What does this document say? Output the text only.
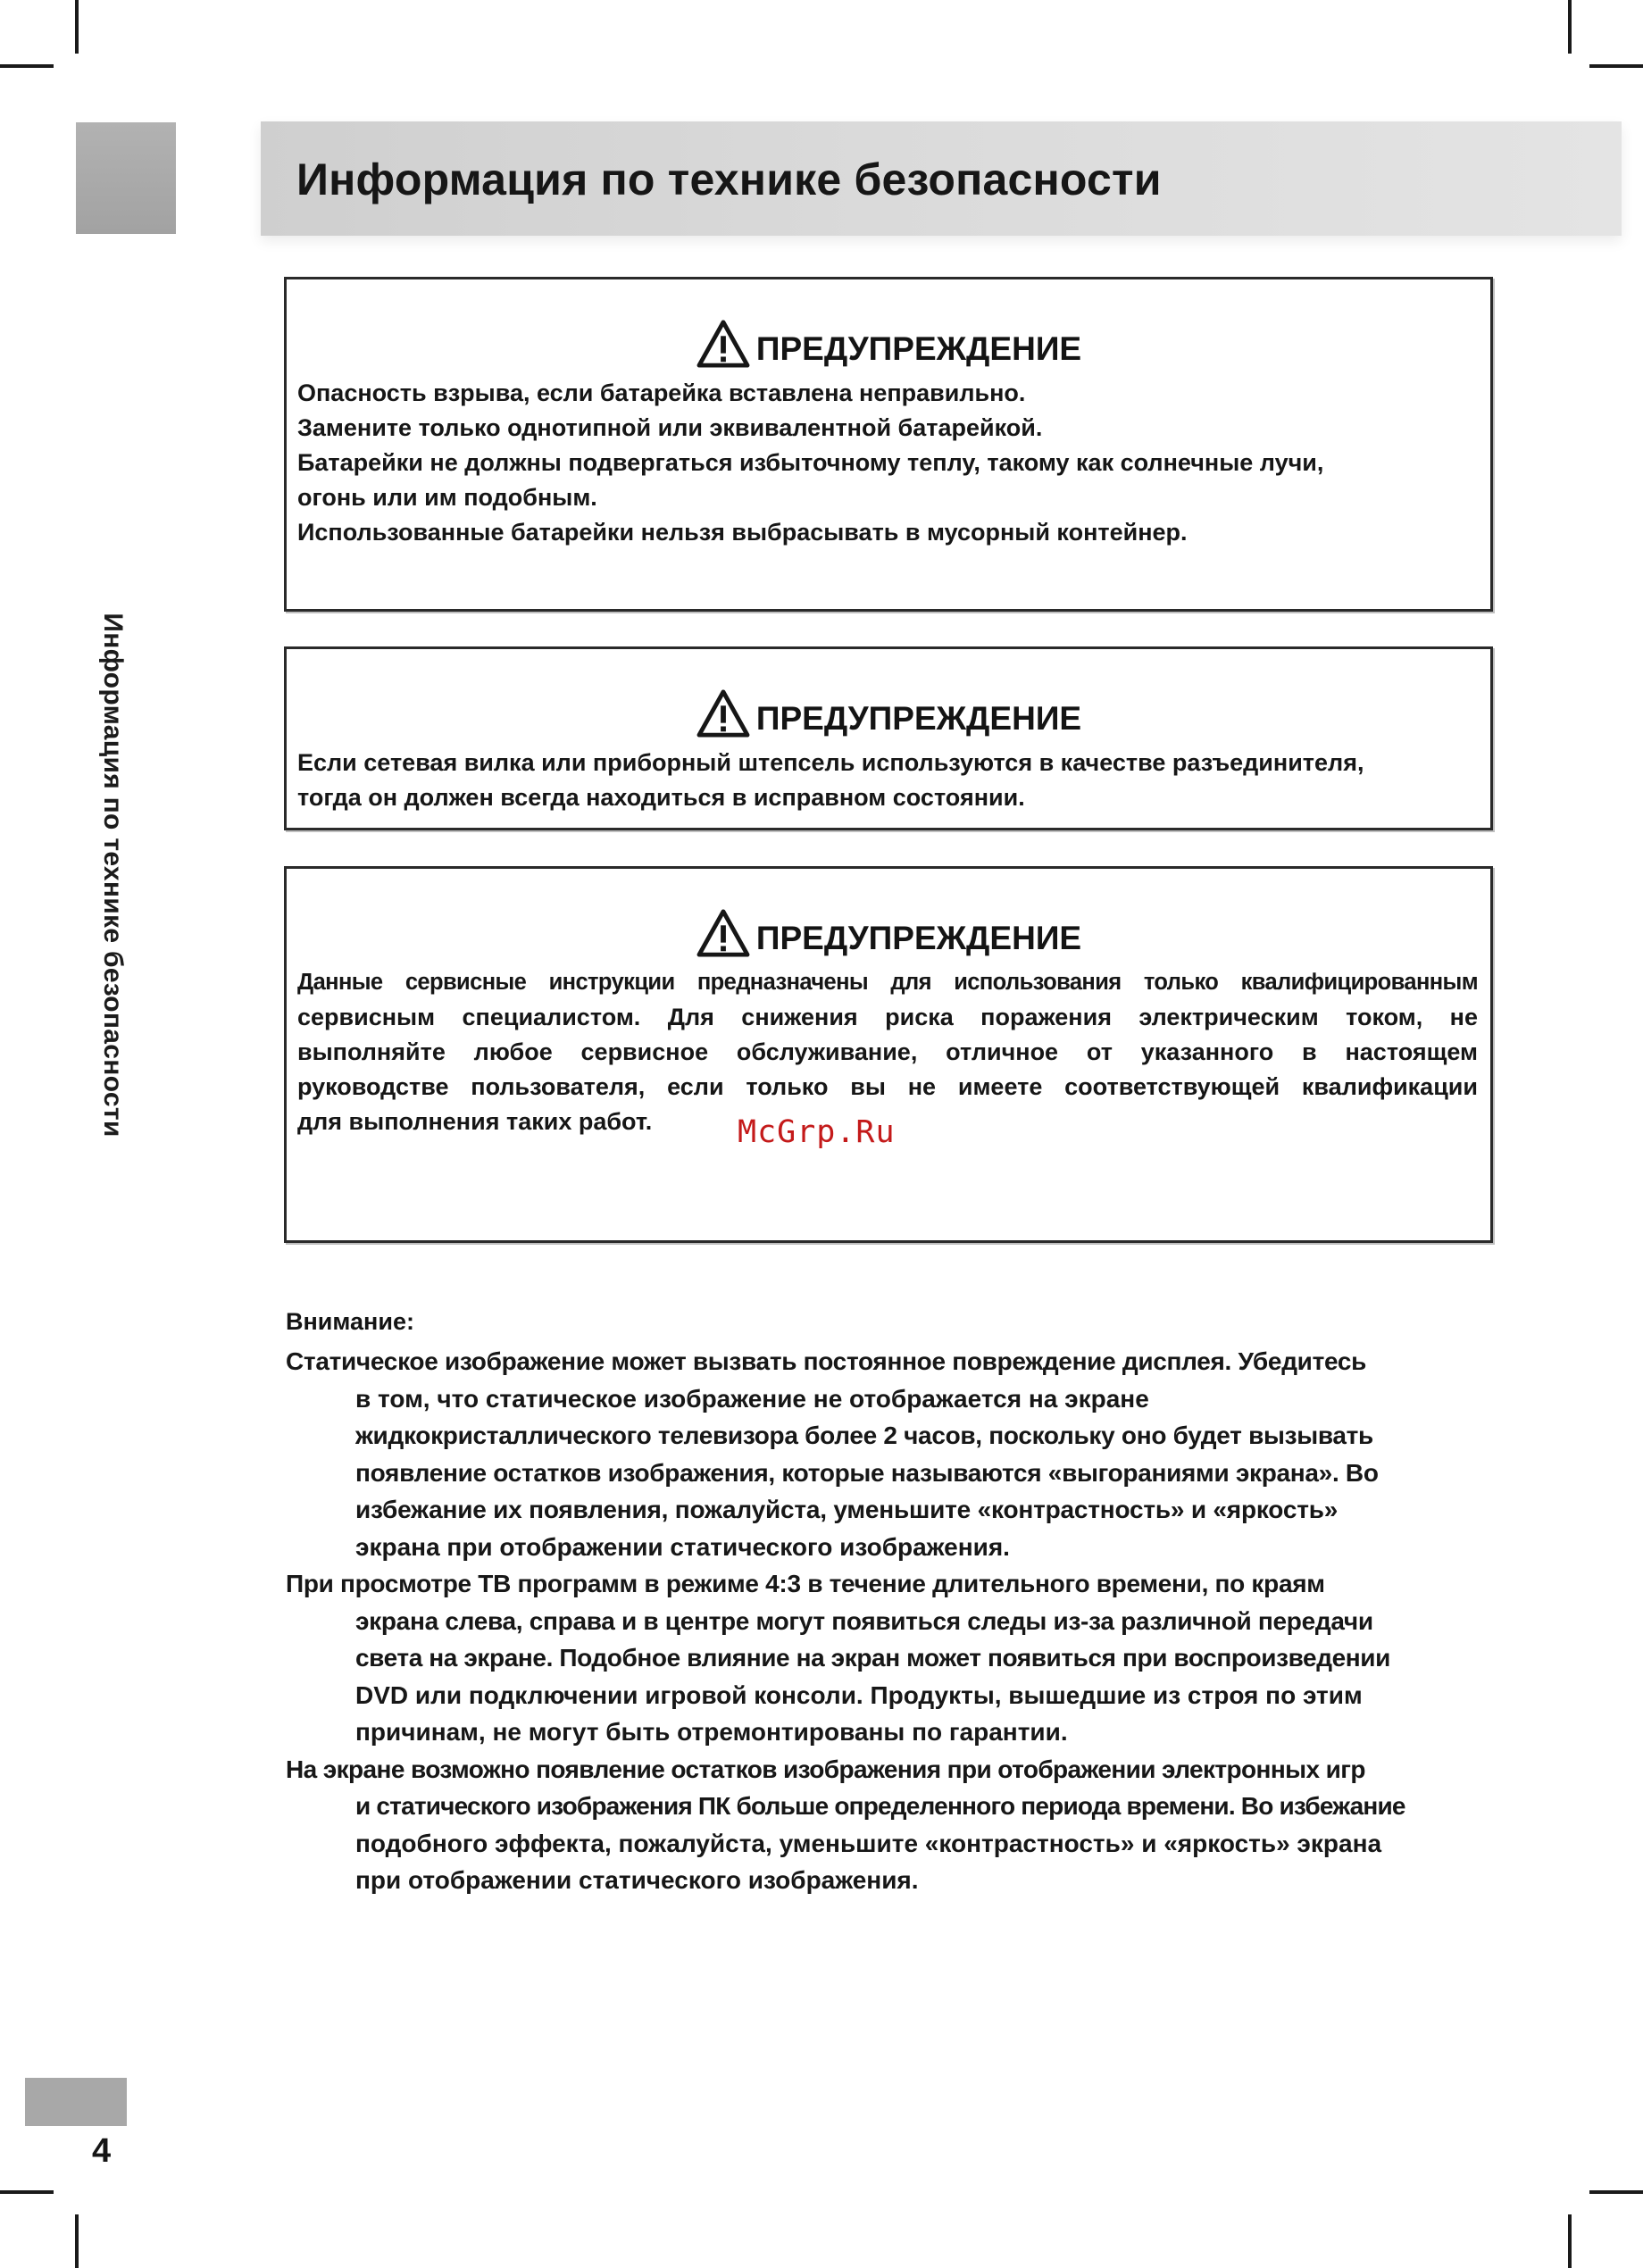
Информация по технике безопасности
Информация по технике безопасности
ПРЕДУПРЕЖДЕНИЕ
Опасность взрыва, если батарейка вставлена неправильно.
Замените только однотипной или эквивалентной батарейкой.
Батарейки не должны подвергаться избыточному теплу, такому как солнечные лучи,
огонь или им подобным.
Использованные батарейки нельзя выбрасывать в мусорный контейнер.
ПРЕДУПРЕЖДЕНИЕ
Если сетевая вилка или приборный штепсель используются в качестве разъединителя,
тогда он должен всегда находиться в исправном состоянии.
ПРЕДУПРЕЖДЕНИЕ
Данные сервисные инструкции предназначены для использования только квалифицированным
сервисным специалистом. Для снижения риска поражения электрическим током, не
выполняйте любое сервисное обслуживание, отличное от указанного в настоящем
руководстве пользователя, если только вы не имеете соответствующей квалификации
для выполнения таких работ.	McGrp.Ru
Внимание:
Статическое изображение может вызвать постоянное повреждение дисплея. Убедитесь
в том, что статическое изображение не отображается на экране
жидкокристаллического телевизора более 2 часов, поскольку оно будет вызывать
появление остатков изображения, которые называются «выгораниями экрана». Во
избежание их появления, пожалуйста, уменьшите «контрастность» и «яркость»
экрана при отображении статического изображения.
При просмотре ТВ программ в режиме 4:3 в течение длительного времени, по краям
экрана слева, справа и в центре могут появиться следы из-за различной передачи
света на экране. Подобное влияние на экран может появиться при воспроизведении
DVD или подключении игровой консоли. Продукты, вышедшие из строя по этим
причинам, не могут быть отремонтированы по гарантии.
На экране возможно появление остатков изображения при отображении электронных игр
и статического изображения ПК больше определенного периода времени. Во избежание
подобного эффекта, пожалуйста, уменьшите «контрастность» и «яркость» экрана
при отображении статического изображения.
4
